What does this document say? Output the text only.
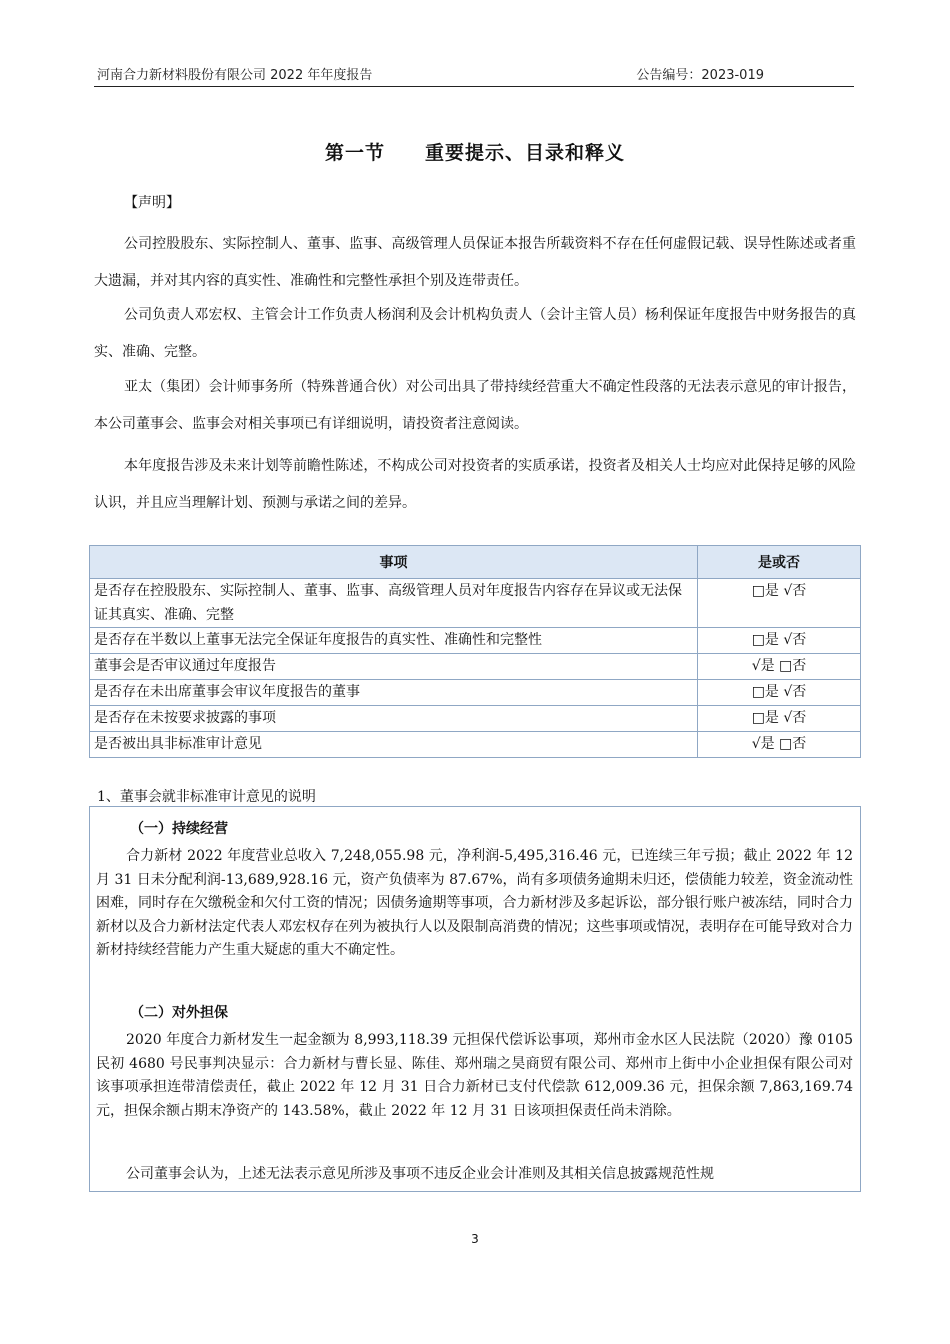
河南合力新材料股份有限公司 2022 年年度报告	公告编号：2023-019
第一节 重要提示、目录和释义
【声明】
公司控股股东、实际控制人、董事、监事、高级管理人员保证本报告所载资料不存在任何虚假记载、误导性陈述或者重大遗漏，并对其内容的真实性、准确性和完整性承担个别及连带责任。
公司负责人邓宏权、主管会计工作负责人杨润利及会计机构负责人（会计主管人员）杨利保证年度报告中财务报告的真实、准确、完整。
亚太（集团）会计师事务所（特殊普通合伙）对公司出具了带持续经营重大不确定性段落的无法表示意见的审计报告，本公司董事会、监事会对相关事项已有详细说明，请投资者注意阅读。
本年度报告涉及未来计划等前瞻性陈述，不构成公司对投资者的实质承诺，投资者及相关人士均应对此保持足够的风险认识，并且应当理解计划、预测与承诺之间的差异。
事项	是或否
是否存在控股股东、实际控制人、董事、监事、高级管理人员对年度报告内容存在异议或无法保证其真实、准确、完整	□是 √否
是否存在半数以上董事无法完全保证年度报告的真实性、准确性和完整性	□是 √否
董事会是否审议通过年度报告	√是 □否
是否存在未出席董事会审议年度报告的董事	□是 √否
是否存在未按要求披露的事项	□是 √否
是否被出具非标准审计意见	√是 □否
1、董事会就非标准审计意见的说明
（一）持续经营
合力新材 2022 年度营业总收入 7,248,055.98 元，净利润-5,495,316.46 元，已连续三年亏损；截止 2022 年 12 月 31 日未分配利润-13,689,928.16 元，资产负债率为 87.67%，尚有多项债务逾期未归还，偿债能力较差，资金流动性困难，同时存在欠缴税金和欠付工资的情况；因债务逾期等事项，合力新材涉及多起诉讼，部分银行账户被冻结，同时合力新材以及合力新材法定代表人邓宏权存在列为被执行人以及限制高消费的情况；这些事项或情况，表明存在可能导致对合力新材持续经营能力产生重大疑虑的重大不确定性。
（二）对外担保
2020 年度合力新材发生一起金额为 8,993,118.39 元担保代偿诉讼事项，郑州市金水区人民法院（2020）豫 0105 民初 4680 号民事判决显示：合力新材与曹长显、陈佳、郑州瑞之昊商贸有限公司、郑州市上街中小企业担保有限公司对该事项承担连带清偿责任，截止 2022 年 12 月 31 日合力新材已支付代偿款 612,009.36 元，担保余额 7,863,169.74 元，担保余额占期末净资产的 143.58%，截止 2022 年 12 月 31 日该项担保责任尚未消除。
公司董事会认为，上述无法表示意见所涉及事项不违反企业会计准则及其相关信息披露规范性规
3
